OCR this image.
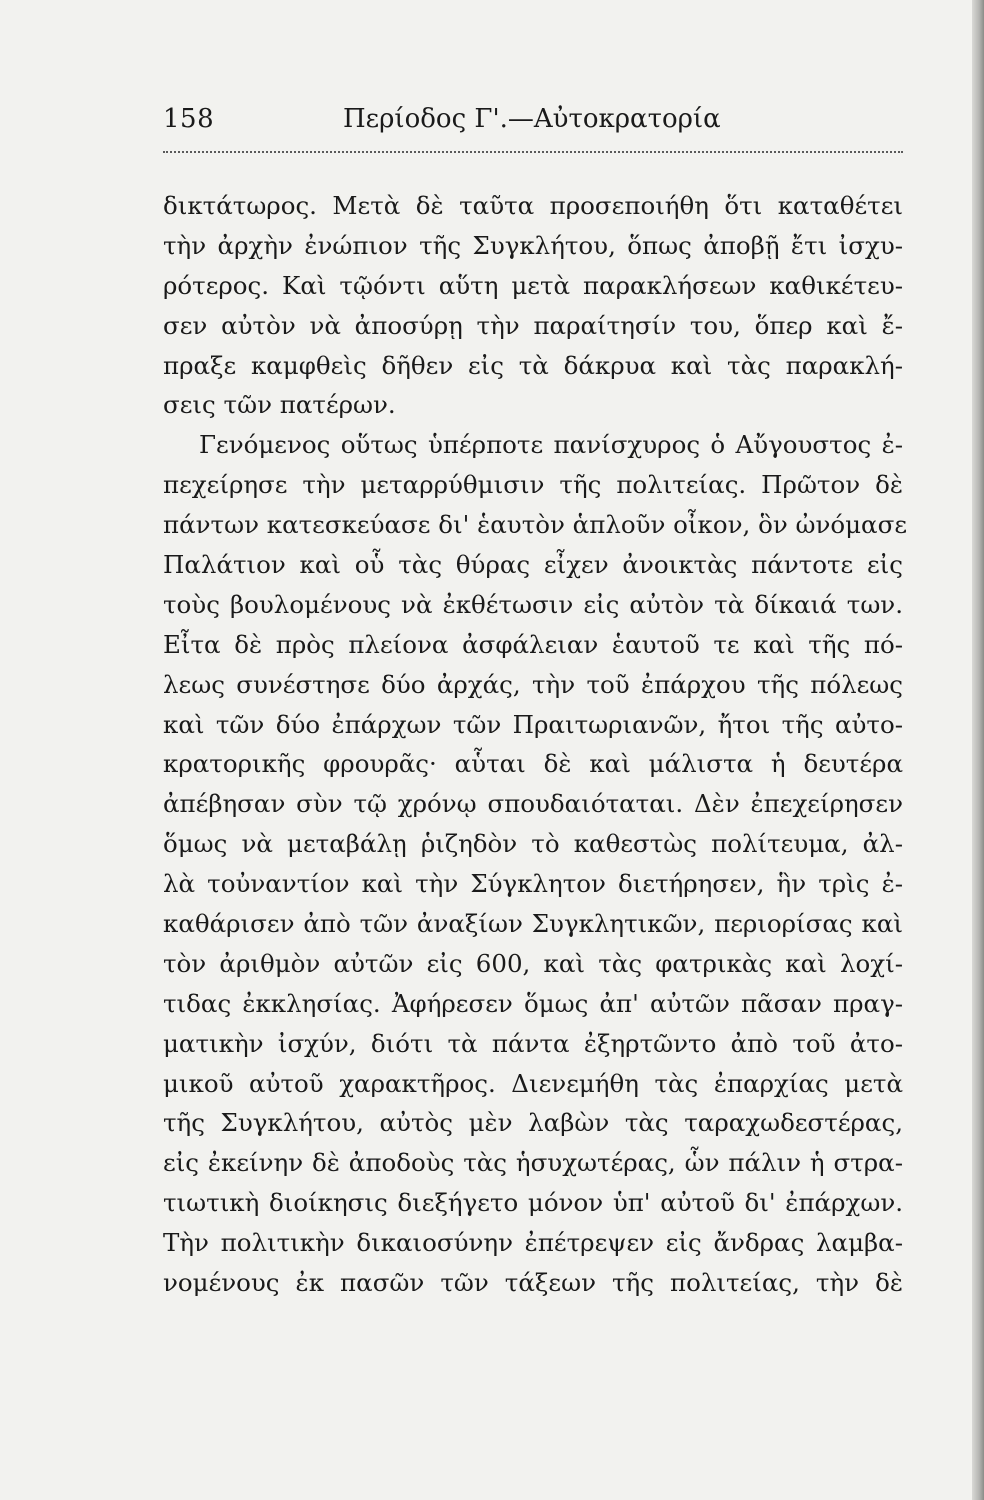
158	Περίοδος Γ'.—Αὐτοκρατορία
δικτάτωρος. Μετὰ δὲ ταῦτα προσεποιήθη ὅτι καταθέτει
τὴν ἀρχὴν ἐνώπιον τῆς Συγκλήτου, ὅπως ἀποβῇ ἔτι ἰσχυ-
ρότερος. Καὶ τῷόντι αὕτη μετὰ παρακλήσεων καθικέτευ-
σεν αὐτὸν νὰ ἀποσύρῃ τὴν παραίτησίν του, ὅπερ καὶ ἔ-
πραξε καμφθεὶς δῆθεν εἰς τὰ δάκρυα καὶ τὰς παρακλή-
σεις τῶν πατέρων.
Γενόμενος οὕτως ὑπέρποτε πανίσχυρος ὁ Αὔγουστος ἐ-
πεχείρησε τὴν μεταρρύθμισιν τῆς πολιτείας. Πρῶτον δὲ
πάντων κατεσκεύασε δι' ἑαυτὸν ἁπλοῦν οἶκον, ὃν ὠνόμασε
Παλάτιον καὶ οὗ τὰς θύρας εἶχεν ἀνοικτὰς πάντοτε εἰς
τοὺς βουλομένους νὰ ἐκθέτωσιν εἰς αὐτὸν τὰ δίκαιά των.
Εἶτα δὲ πρὸς πλείονα ἀσφάλειαν ἑαυτοῦ τε καὶ τῆς πό-
λεως συνέστησε δύο ἀρχάς, τὴν τοῦ ἐπάρχου τῆς πόλεως
καὶ τῶν δύο ἐπάρχων τῶν Πραιτωριανῶν, ἤτοι τῆς αὐτο-
κρατορικῆς φρουρᾶς· αὗται δὲ καὶ μάλιστα ἡ δευτέρα
ἀπέβησαν σὺν τῷ χρόνῳ σπουδαιόταται. Δὲν ἐπεχείρησεν
ὅμως νὰ μεταβάλῃ ῥιζηδὸν τὸ καθεστὼς πολίτευμα, ἀλ-
λὰ τοὐναντίον καὶ τὴν Σύγκλητον διετήρησεν, ἣν τρὶς ἐ-
καθάρισεν ἀπὸ τῶν ἀναξίων Συγκλητικῶν, περιορίσας καὶ
τὸν ἀριθμὸν αὐτῶν εἰς 600, καὶ τὰς φατρικὰς καὶ λοχί-
τιδας ἐκκλησίας. Ἀφήρεσεν ὅμως ἀπ' αὐτῶν πᾶσαν πραγ-
ματικὴν ἰσχύν, διότι τὰ πάντα ἐξηρτῶντο ἀπὸ τοῦ ἀτο-
μικοῦ αὐτοῦ χαρακτῆρος. Διενεμήθη τὰς ἐπαρχίας μετὰ
τῆς Συγκλήτου, αὐτὸς μὲν λαβὼν τὰς ταραχωδεστέρας,
εἰς ἐκείνην δὲ ἀποδοὺς τὰς ἡσυχωτέρας, ὧν πάλιν ἡ στρα-
τιωτικὴ διοίκησις διεξήγετο μόνον ὑπ' αὐτοῦ δι' ἐπάρχων.
Τὴν πολιτικὴν δικαιοσύνην ἐπέτρεψεν εἰς ἄνδρας λαμβα-
νομένους ἐκ πασῶν τῶν τάξεων τῆς πολιτείας, τὴν δὲ
